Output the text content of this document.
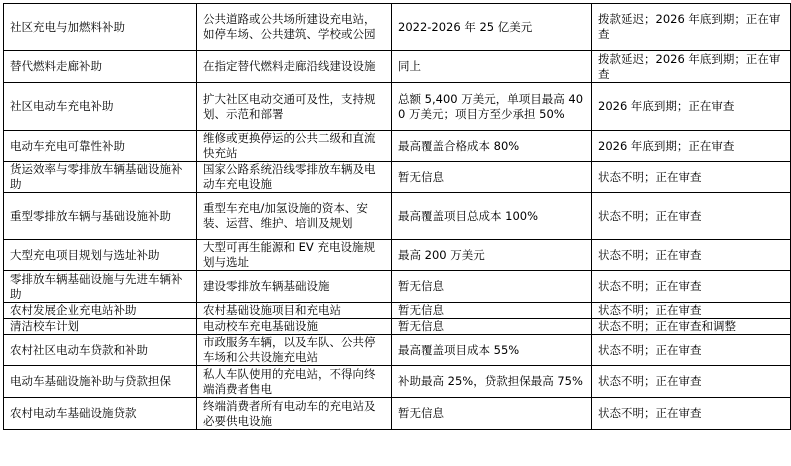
社区充电与加燃料补助	公共道路或公共场所建设充电站，如停车场、公共建筑、学校或公园	2022-2026 年 25 亿美元	拨款延迟；2026 年底到期；正在审查
替代燃料走廊补助	在指定替代燃料走廊沿线建设设施	同上	拨款延迟；2026 年底到期；正在审查
社区电动车充电补助	扩大社区电动交通可及性，支持规划、示范和部署	总额 5,400 万美元，单项目最高 400 万美元；项目方至少承担 50%	2026 年底到期；正在审查
电动车充电可靠性补助	维修或更换停运的公共二级和直流快充站	最高覆盖合格成本 80%	2026 年底到期；正在审查
货运效率与零排放车辆基础设施补助	国家公路系统沿线零排放车辆及电动车充电设施	暂无信息	状态不明；正在审查
重型零排放车辆与基础设施补助	重型车充电/加氢设施的资本、安装、运营、维护、培训及规划	最高覆盖项目总成本 100%	状态不明；正在审查
大型充电项目规划与选址补助	大型可再生能源和 EV 充电设施规划与选址	最高 200 万美元	状态不明；正在审查
零排放车辆基础设施与先进车辆补助	建设零排放车辆基础设施	暂无信息	状态不明；正在审查
农村发展企业充电站补助	农村基础设施项目和充电站	暂无信息	状态不明；正在审查
清洁校车计划	电动校车充电基础设施	暂无信息	状态不明；正在审查和调整
农村社区电动车贷款和补助	市政服务车辆，以及车队、公共停车场和公共设施充电站	最高覆盖项目成本 55%	状态不明；正在审查
电动车基础设施补助与贷款担保	私人车队使用的充电站，不得向终端消费者售电	补助最高 25%，贷款担保最高 75%	状态不明；正在审查
农村电动车基础设施贷款	终端消费者所有电动车的充电站及必要供电设施	暂无信息	状态不明；正在审查
